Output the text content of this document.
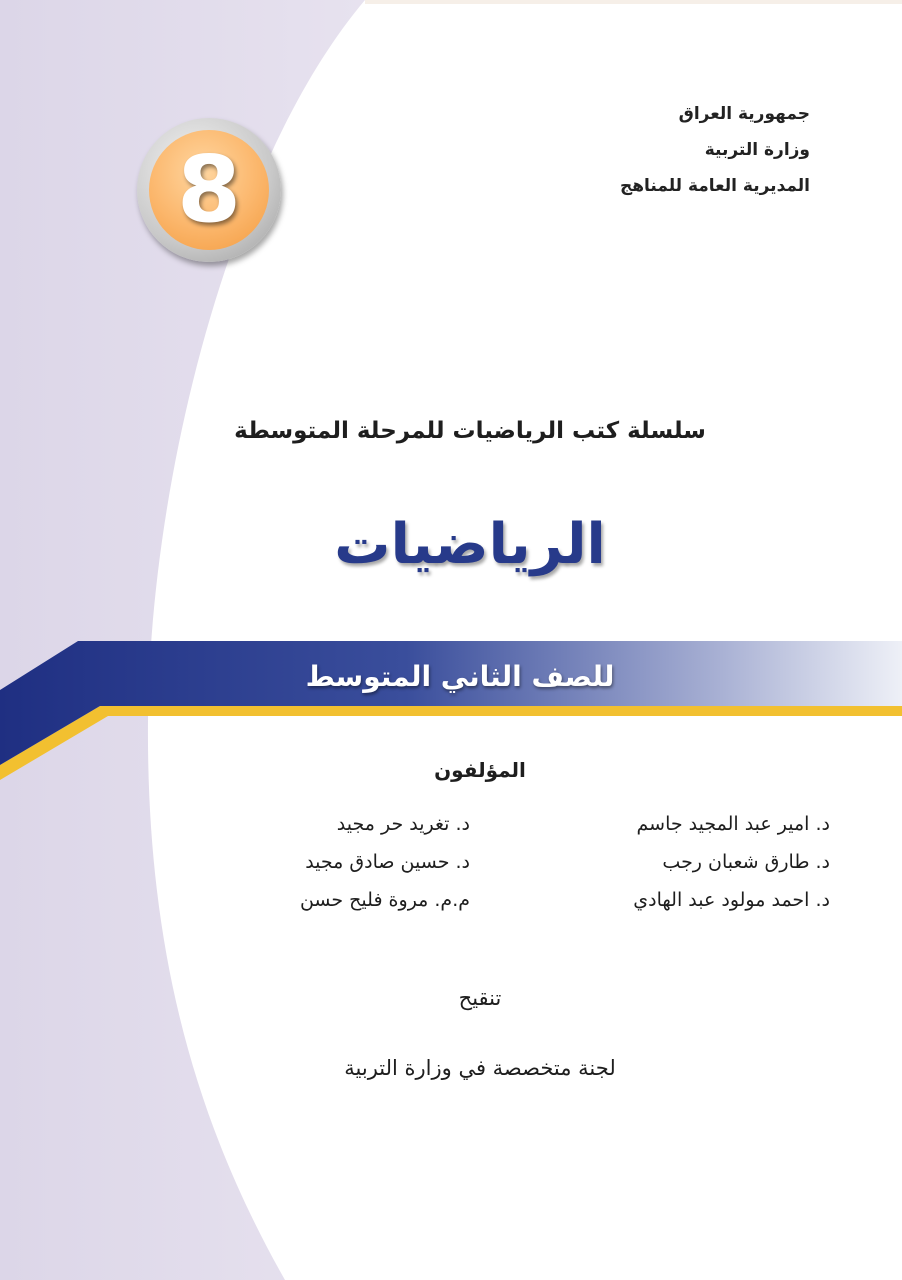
جمهورية العراق
وزارة التربية
المديرية العامة للمناهج
8
سلسلة كتب الرياضيات للمرحلة المتوسطة
الرياضيات
للصف الثاني المتوسط
المؤلفون
د. امير عبد المجيد جاسم
د. طارق شعبان رجب
د. احمد مولود عبد الهادي
د. تغريد حر مجيد
د. حسين صادق مجيد
م.م. مروة فليح حسن
تنقيح
لجنة متخصصة في وزارة التربية
